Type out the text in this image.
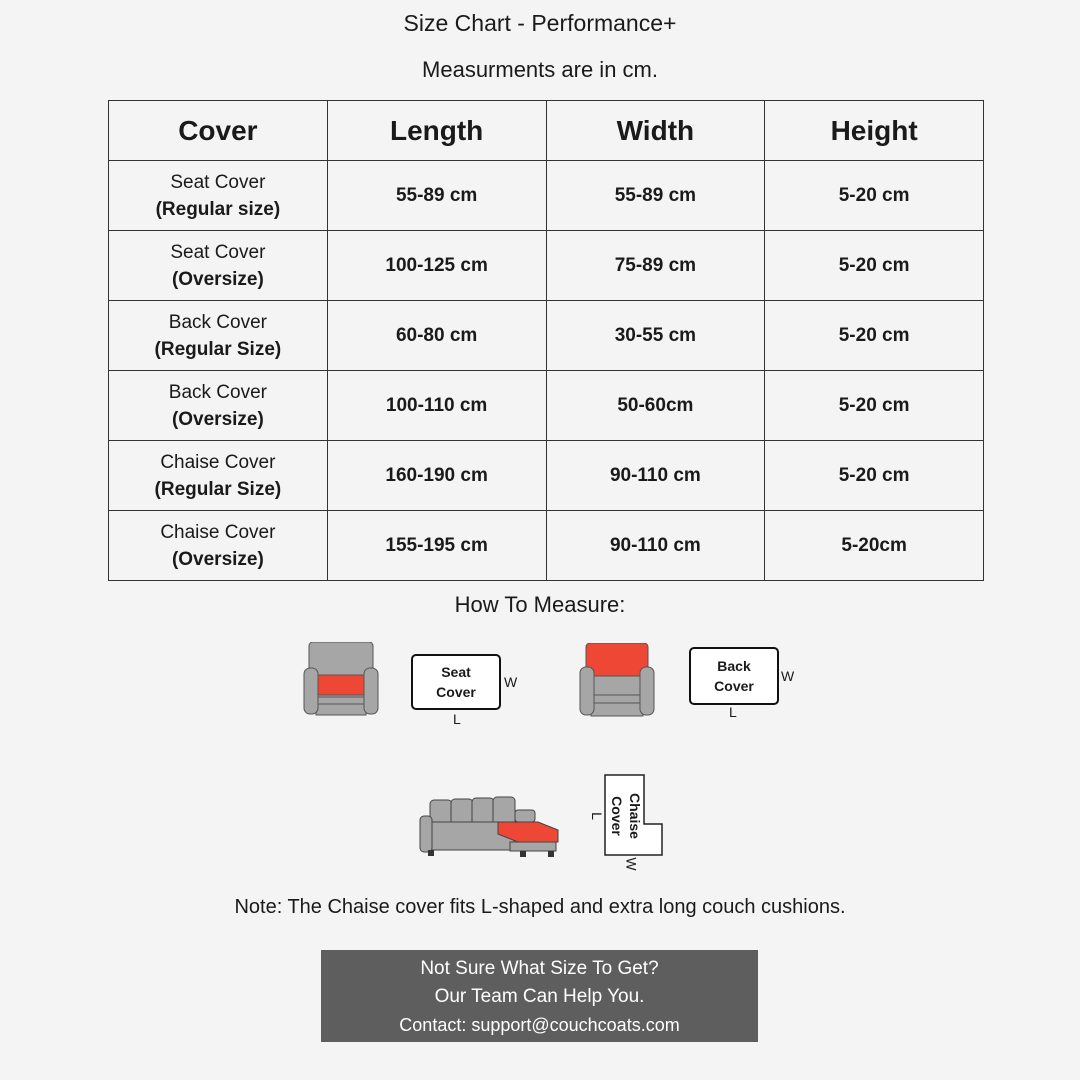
Size Chart - Performance+
Measurments are in cm.
Cover	Length	Width	Height
Seat Cover
(Regular size)	55-89 cm	55-89 cm	5-20 cm
Seat Cover
(Oversize)	100-125 cm	75-89 cm	5-20 cm
Back Cover
(Regular Size)	60-80 cm	30-55 cm	5-20 cm
Back Cover
(Oversize)	100-110 cm	50-60cm	5-20 cm
Chaise Cover
(Regular Size)	160-190 cm	90-110 cm	5-20 cm
Chaise Cover
(Oversize)	155-195 cm	90-110 cm	5-20cm
How To Measure:
Seat
Cover
W
L
Back
Cover
W
L
Chaise
Cover
L
W
Note: The Chaise cover fits L-shaped and extra long couch cushions.
Not Sure What Size To Get?
Our Team Can Help You.
Contact: support@couchcoats.com
